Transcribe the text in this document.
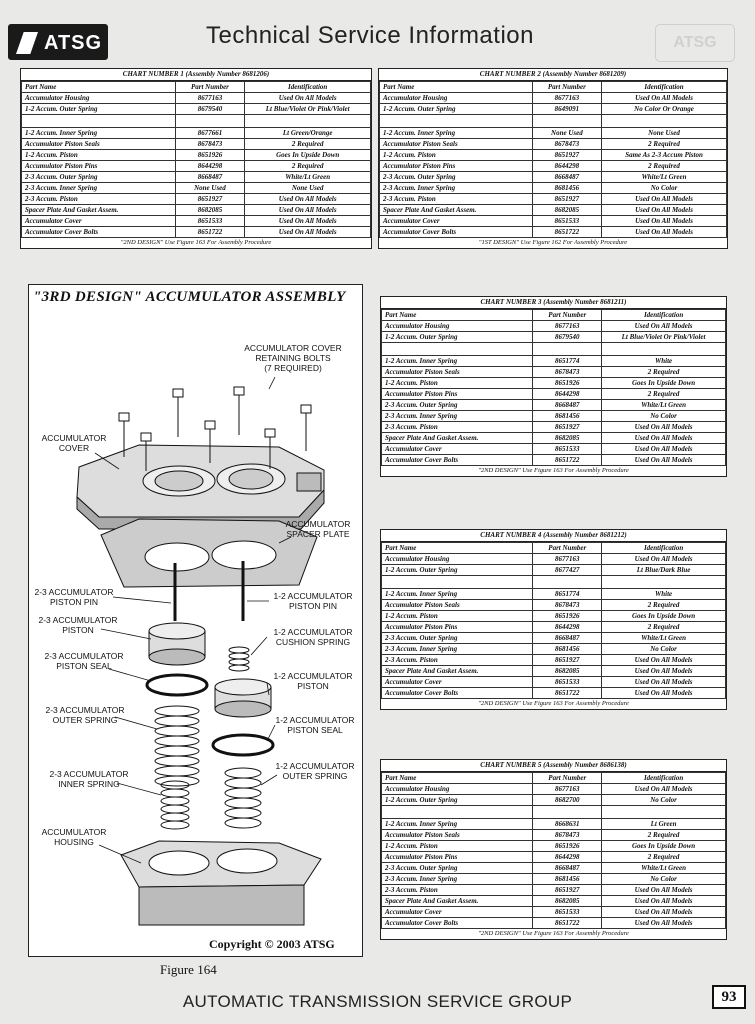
ATSG	Technical Service Information	ATSG
CHART NUMBER 1 (Assembly Number 8681206)
Part Name	Part Number	Identification
Accumulator Housing	8677163	Used On All Models
1-2 Accum. Outer Spring	8679540	Lt Blue/Violet Or Pink/Violet

1-2 Accum. Inner Spring	8677661	Lt Green/Orange
Accumulator Piston Seals	8678473	2 Required
1-2 Accum. Piston	8651926	Goes In Upside Down
Accumulator Piston Pins	8644298	2 Required
2-3 Accum. Outer Spring	8668487	White/Lt Green
2-3 Accum. Inner Spring	None Used	None Used
2-3 Accum. Piston	8651927	Used On All Models
Spacer Plate And Gasket Assem.	8682085	Used On All Models
Accumulator Cover	8651533	Used On All Models
Accumulator Cover Bolts	8651722	Used On All Models
"2ND DESIGN" Use Figure 163 For Assembly Procedure
CHART NUMBER 2 (Assembly Number 8681209)
Part Name	Part Number	Identification
Accumulator Housing	8677163	Used On All Models
1-2 Accum. Outer Spring	8649091	No Color Or Orange

1-2 Accum. Inner Spring	None Used	None Used
Accumulator Piston Seals	8678473	2 Required
1-2 Accum. Piston	8651927	Same As 2-3 Accum Piston
Accumulator Piston Pins	8644298	2 Required
2-3 Accum. Outer Spring	8668487	White/Lt Green
2-3 Accum. Inner Spring	8681456	No Color
2-3 Accum. Piston	8651927	Used On All Models
Spacer Plate And Gasket Assem.	8682085	Used On All Models
Accumulator Cover	8651533	Used On All Models
Accumulator Cover Bolts	8651722	Used On All Models
"1ST DESIGN" Use Figure 162 For Assembly Procedure
CHART NUMBER 3 (Assembly Number 8681211)
Part Name	Part Number	Identification
Accumulator Housing	8677163	Used On All Models
1-2 Accum. Outer Spring	8679540	Lt Blue/Violet Or Pink/Violet

1-2 Accum. Inner Spring	8651774	White
Accumulator Piston Seals	8678473	2 Required
1-2 Accum. Piston	8651926	Goes In Upside Down
Accumulator Piston Pins	8644298	2 Required
2-3 Accum. Outer Spring	8668487	White/Lt Green
2-3 Accum. Inner Spring	8681456	No Color
2-3 Accum. Piston	8651927	Used On All Models
Spacer Plate And Gasket Assem.	8682085	Used On All Models
Accumulator Cover	8651533	Used On All Models
Accumulator Cover Bolts	8651722	Used On All Models
"2ND DESIGN" Use Figure 163 For Assembly Procedure
CHART NUMBER 4 (Assembly Number 8681212)
Part Name	Part Number	Identification
Accumulator Housing	8677163	Used On All Models
1-2 Accum. Outer Spring	8677427	Lt Blue/Dark Blue

1-2 Accum. Inner Spring	8651774	White
Accumulator Piston Seals	8678473	2 Required
1-2 Accum. Piston	8651926	Goes In Upside Down
Accumulator Piston Pins	8644298	2 Required
2-3 Accum. Outer Spring	8668487	White/Lt Green
2-3 Accum. Inner Spring	8681456	No Color
2-3 Accum. Piston	8651927	Used On All Models
Spacer Plate And Gasket Assem.	8682085	Used On All Models
Accumulator Cover	8651533	Used On All Models
Accumulator Cover Bolts	8651722	Used On All Models
"2ND DESIGN" Use Figure 163 For Assembly Procedure
CHART NUMBER 5 (Assembly Number 8686138)
Part Name	Part Number	Identification
Accumulator Housing	8677163	Used On All Models
1-2 Accum. Outer Spring	8682700	No Color

1-2 Accum. Inner Spring	8668631	Lt Green
Accumulator Piston Seals	8678473	2 Required
1-2 Accum. Piston	8651926	Goes In Upside Down
Accumulator Piston Pins	8644298	2 Required
2-3 Accum. Outer Spring	8668487	White/Lt Green
2-3 Accum. Inner Spring	8681456	No Color
2-3 Accum. Piston	8651927	Used On All Models
Spacer Plate And Gasket Assem.	8682085	Used On All Models
Accumulator Cover	8651533	Used On All Models
Accumulator Cover Bolts	8651722	Used On All Models
"2ND DESIGN" Use Figure 163 For Assembly Procedure
"3RD DESIGN" ACCUMULATOR ASSEMBLY
ACCUMULATOR COVER
RETAINING BOLTS
(7 REQUIRED)
ACCUMULATOR
COVER
ACCUMULATOR
SPACER PLATE
2-3 ACCUMULATOR
PISTON PIN
1-2 ACCUMULATOR
PISTON PIN
2-3 ACCUMULATOR
PISTON	1-2 ACCUMULATOR
CUSHION SPRING
2-3 ACCUMULATOR
PISTON SEAL
1-2 ACCUMULATOR
PISTON
2-3 ACCUMULATOR
OUTER SPRING	1-2 ACCUMULATOR
PISTON SEAL
1-2 ACCUMULATOR
OUTER SPRING
2-3 ACCUMULATOR
INNER SPRING
ACCUMULATOR
HOUSING
Copyright © 2003 ATSG
Figure 164
AUTOMATIC TRANSMISSION SERVICE GROUP	93
